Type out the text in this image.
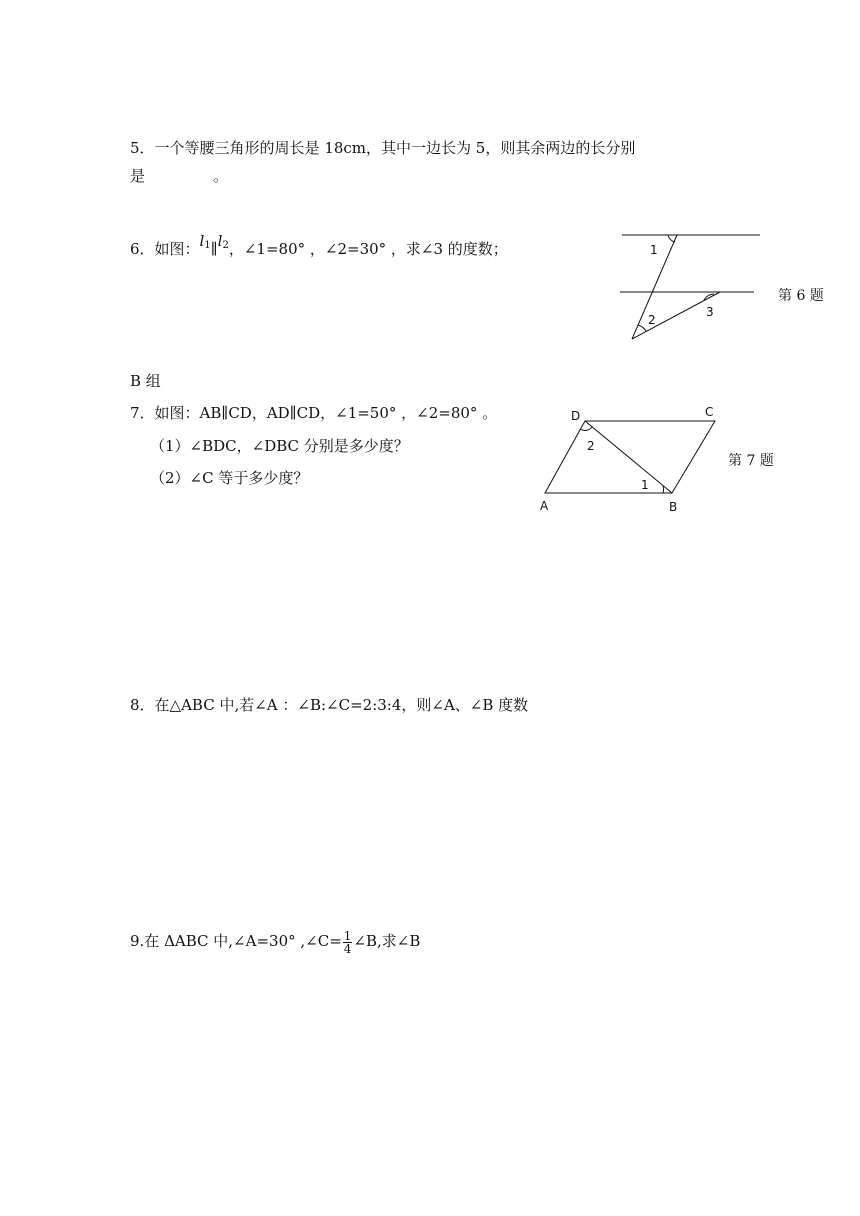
5．一个等腰三角形的周长是 18cm，其中一边长为 5，则其余两边的长分别
是	。
6．如图：$l_1\parallel l_2$，∠1=80° ，∠2=30° ，求∠3 的度数；	1
2
3
第 6 题
B 组
7．如图：AB∥CD，AD∥CD，∠1=50° ，∠2=80° 。
（1）∠BDC，∠DBC 分别是多少度？
（2）∠C 等于多少度？
D	C
A	B
2
1
第 7 题
8．在△ABC 中,若∠A ：∠B:∠C=2:3:4，则∠A、∠B 度数
9.在 ΔABC 中,∠A=30° ,∠C= $\frac{1}{4}$ ∠B,求∠B
